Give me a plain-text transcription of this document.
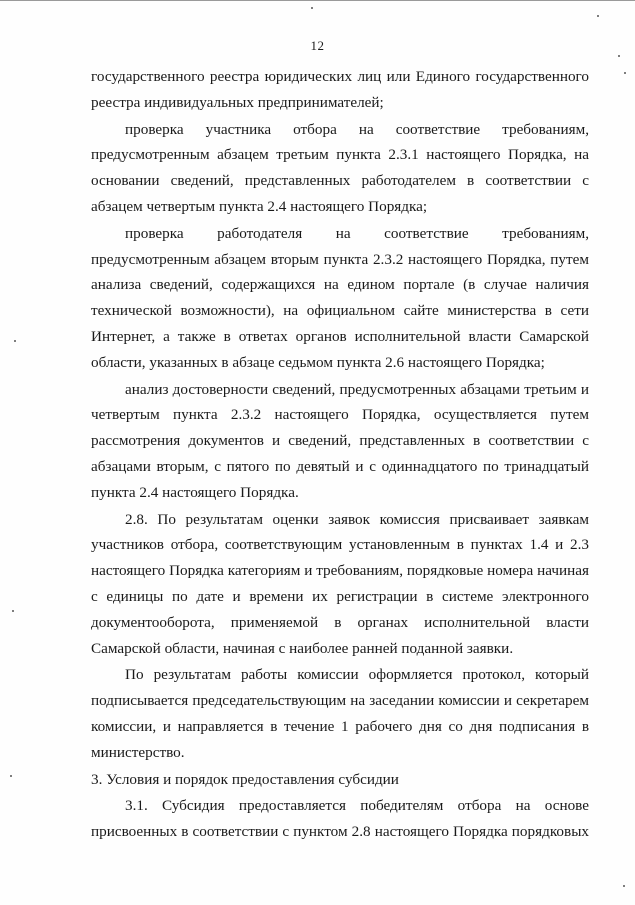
12

государственного реестра юридических лиц или Единого государственного
реестра индивидуальных предпринимателей;

проверка участника отбора на соответствие требованиям,
предусмотренным абзацем третьим пункта 2.3.1 настоящего Порядка, на
основании сведений, представленных работодателем в соответствии с
абзацем четвертым пункта 2.4 настоящего Порядка;

проверка работодателя на соответствие требованиям,
предусмотренным абзацем вторым пункта 2.3.2 настоящего Порядка, путем
анализа сведений, содержащихся на едином портале (в случае наличия
технической возможности), на официальном сайте министерства в сети
Интернет, а также в ответах органов исполнительной власти Самарской
области, указанных в абзаце седьмом пункта 2.6 настоящего Порядка;

анализ достоверности сведений, предусмотренных абзацами третьим и
четвертым пункта 2.3.2 настоящего Порядка, осуществляется путем
рассмотрения документов и сведений, представленных в соответствии с
абзацами вторым, с пятого по девятый и с одиннадцатого по тринадцатый
пункта 2.4 настоящего Порядка.

2.8. По результатам оценки заявок комиссия присваивает заявкам
участников отбора, соответствующим установленным в пунктах 1.4 и 2.3
настоящего Порядка категориям и требованиям, порядковые номера начиная
с единицы по дате и времени их регистрации в системе электронного
документооборота, применяемой в органах исполнительной власти
Самарской области, начиная с наиболее ранней поданной заявки.

По результатам работы комиссии оформляется протокол, который
подписывается председательствующим на заседании комиссии и секретарем
комиссии, и направляется в течение 1 рабочего дня со дня подписания в
министерство.

3. Условия и порядок предоставления субсидии

3.1. Субсидия предоставляется победителям отбора на основе
присвоенных в соответствии с пунктом 2.8 настоящего Порядка порядковых
